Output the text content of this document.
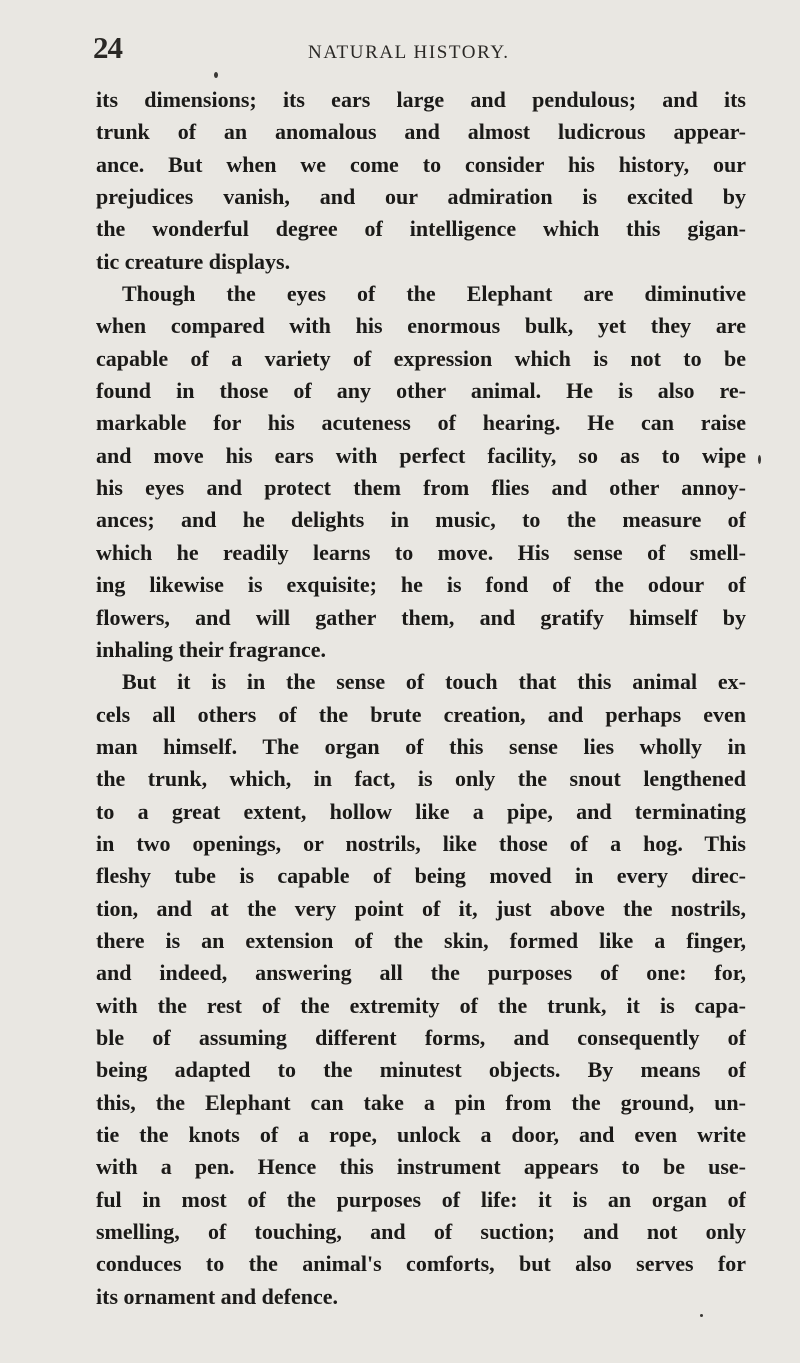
24	NATURAL HISTORY.
its dimensions; its ears large and pendulous; and its
trunk of an anomalous and almost ludicrous appear-
ance. But when we come to consider his history, our
prejudices vanish, and our admiration is excited by
the wonderful degree of intelligence which this gigan-
tic creature displays.
Though the eyes of the Elephant are diminutive
when compared with his enormous bulk, yet they are
capable of a variety of expression which is not to be
found in those of any other animal. He is also re-
markable for his acuteness of hearing. He can raise
and move his ears with perfect facility, so as to wipe
his eyes and protect them from flies and other annoy-
ances; and he delights in music, to the measure of
which he readily learns to move. His sense of smell-
ing likewise is exquisite; he is fond of the odour of
flowers, and will gather them, and gratify himself by
inhaling their fragrance.
But it is in the sense of touch that this animal ex-
cels all others of the brute creation, and perhaps even
man himself. The organ of this sense lies wholly in
the trunk, which, in fact, is only the snout lengthened
to a great extent, hollow like a pipe, and terminating
in two openings, or nostrils, like those of a hog. This
fleshy tube is capable of being moved in every direc-
tion, and at the very point of it, just above the nostrils,
there is an extension of the skin, formed like a finger,
and indeed, answering all the purposes of one: for,
with the rest of the extremity of the trunk, it is capa-
ble of assuming different forms, and consequently of
being adapted to the minutest objects. By means of
this, the Elephant can take a pin from the ground, un-
tie the knots of a rope, unlock a door, and even write
with a pen. Hence this instrument appears to be use-
ful in most of the purposes of life: it is an organ of
smelling, of touching, and of suction; and not only
conduces to the animal's comforts, but also serves for
its ornament and defence.
